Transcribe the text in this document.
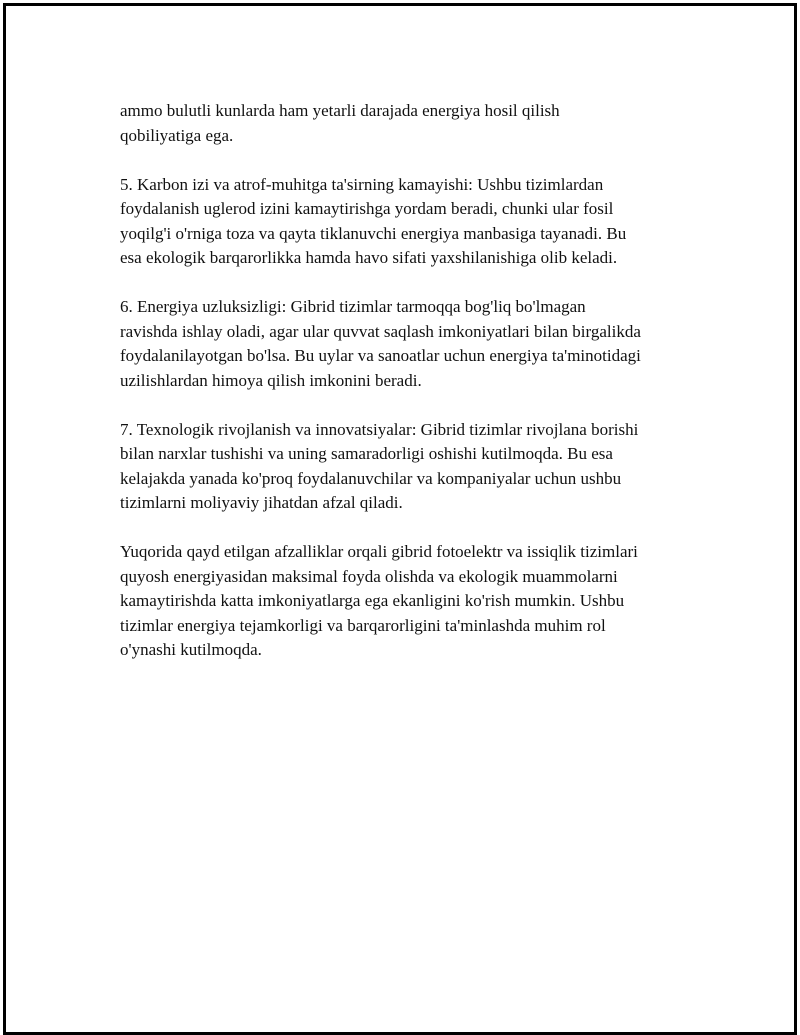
ammo bulutli kunlarda ham yetarli darajada energiya hosil qilish
qobiliyatiga ega.

5. Karbon izi va atrof-muhitga ta'sirning kamayishi: Ushbu tizimlardan
foydalanish uglerod izini kamaytirishga yordam beradi, chunki ular fosil
yoqilg'i o'rniga toza va qayta tiklanuvchi energiya manbasiga tayanadi. Bu
esa ekologik barqarorlikka hamda havo sifati yaxshilanishiga olib keladi.

6. Energiya uzluksizligi: Gibrid tizimlar tarmoqqa bog'liq bo'lmagan
ravishda ishlay oladi, agar ular quvvat saqlash imkoniyatlari bilan birgalikda
foydalanilayotgan bo'lsa. Bu uylar va sanoatlar uchun energiya ta'minotidagi
uzilishlardan himoya qilish imkonini beradi.

7. Texnologik rivojlanish va innovatsiyalar: Gibrid tizimlar rivojlana borishi
bilan narxlar tushishi va uning samaradorligi oshishi kutilmoqda. Bu esa
kelajakda yanada ko'proq foydalanuvchilar va kompaniyalar uchun ushbu
tizimlarni moliyaviy jihatdan afzal qiladi.

Yuqorida qayd etilgan afzalliklar orqali gibrid fotoelektr va issiqlik tizimlari
quyosh energiyasidan maksimal foyda olishda va ekologik muammolarni
kamaytirishda katta imkoniyatlarga ega ekanligini ko'rish mumkin. Ushbu
tizimlar energiya tejamkorligi va barqarorligini ta'minlashda muhim rol
o'ynashi kutilmoqda.
